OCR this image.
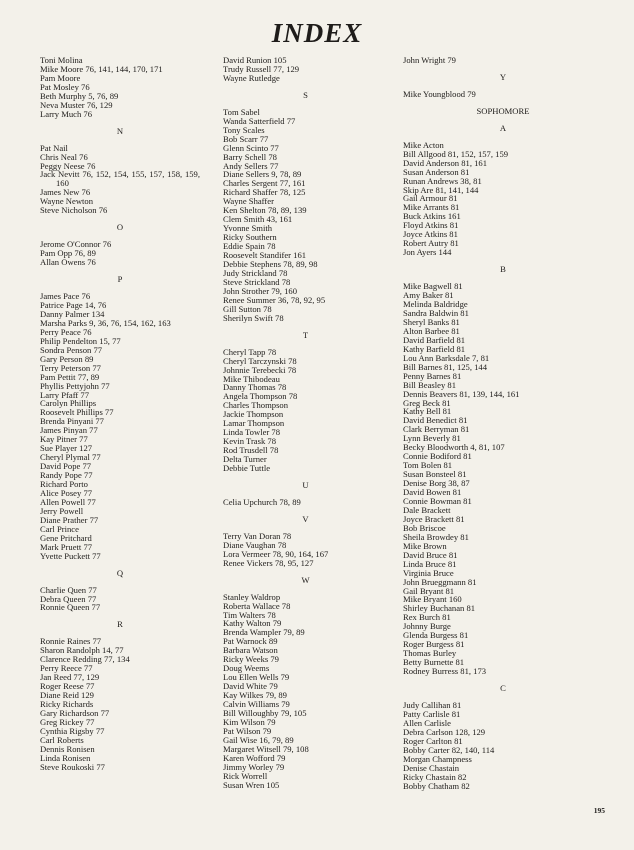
INDEX
Toni Molina
Mike Moore 76, 141, 144, 170, 171
Pam Moore
Pat Mosley 76
Beth Murphy 5, 76, 89
Neva Muster 76, 129
Larry Much 76
N
Pat Nail
Chris Neal 76
Peggy Neese 76
Jack Nevitt 76, 152, 154, 155, 157, 158, 159, 160
James New 76
Wayne Newton
Steve Nicholson 76
O
Jerome O'Connor 76
Pam Opp 76, 89
Allan Owens 76
P
James Pace 76
Patrice Page 14, 76
Danny Palmer 134
Marsha Parks 9, 36, 76, 154, 162, 163
Perry Peace 76
Philip Pendelton 15, 77
Sondra Penson 77
Gary Person 89
Terry Peterson 77
Pam Pettit 77, 89
Phyllis Pettyjohn 77
Larry Pfaff 77
Carolyn Phillips
Roosevelt Phillips 77
Brenda Pinyani 77
James Pinyan 77
Kay Pitner 77
Sue Player 127
Cheryl Plymal 77
David Pope 77
Randy Pope 77
Richard Porto
Alice Posey 77
Allen Powell 77
Jerry Powell
Diane Prather 77
Carl Prince
Gene Pritchard
Mark Pruett 77
Yvette Puckett 77
Q
Charlie Quen 77
Debra Queen 77
Ronnie Queen 77
R
Ronnie Raines 77
Sharon Randolph 14, 77
Clarence Redding 77, 134
Perry Reece 77
Jan Reed 77, 129
Roger Reese 77
Diane Reid 129
Ricky Richards
Gary Richardson 77
Greg Rickey 77
Cynthia Rigsby 77
Carl Roberts
Dennis Ronisen
Linda Ronisen
Steve Roukoski 77
David Runion 105
Trudy Russell 77, 129
Wayne Rutledge
S
Tom Sabel
Wanda Satterfield 77
Tony Scales
Bob Scarr 77
Glenn Scinto 77
Barry Schell 78
Andy Sellers 77
Diane Sellers 9, 78, 89
Charles Sergent 77, 161
Richard Shaffer 78, 125
Wayne Shaffer
Ken Shelton 78, 89, 139
Clem Smith 43, 161
Yvonne Smith
Ricky Southern
Eddie Spain 78
Roosevelt Standifer 161
Debbie Stephens 78, 89, 98
Judy Strickland 78
Steve Strickland 78
John Strother 79, 160
Renee Summer 36, 78, 92, 95
Gill Sutton 78
Sherilyn Swift 78
T
Cheryl Tapp 78
Cheryl Tarczynski 78
Johnnie Terebecki 78
Mike Thibodeau
Danny Thomas 78
Angela Thompson 78
Charles Thompson
Jackie Thompson
Lamar Thompson
Linda Towler 78
Kevin Trask 78
Rod Trusdell 78
Delta Turner
Debbie Tuttle
U
Celia Upchurch 78, 89
V
Terry Van Doran 78
Diane Vaughan 78
Lora Vermeer 78, 90, 164, 167
Renee Vickers 78, 95, 127
W
Stanley Waldrop
Roberta Wallace 78
Tim Walters 78
Kathy Walton 79
Brenda Wampler 79, 89
Pat Warnock 89
Barbara Watson
Ricky Weeks 79
Doug Weems
Lou Ellen Wells 79
David White 79
Kay Wilkes 79, 89
Calvin Williams 79
Bill Willoughby 79, 105
Kim Wilson 79
Pat Wilson 79
Gail Wise 16, 79, 89
Margaret Witsell 79, 108
Karen Wofford 79
Jimmy Worley 79
Rick Worrell
Susan Wren 105
John Wright 79
Y
Mike Youngblood 79
SOPHOMORE
A
Mike Acton
Bill Allgood 81, 152, 157, 159
David Anderson 81, 161
Susan Anderson 81
Runan Andrews 38, 81
Skip Are 81, 141, 144
Gail Armour 81
Mike Arrants 81
Buck Atkins 161
Floyd Atkins 81
Joyce Atkins 81
Robert Autry 81
Jon Ayers 144
B
Mike Bagwell 81
Amy Baker 81
Melinda Baldridge
Sandra Baldwin 81
Sheryl Banks 81
Alton Barbee 81
David Barfield 81
Kathy Barfield 81
Lou Ann Barksdale 7, 81
Bill Barnes 81, 125, 144
Penny Barnes 81
Bill Beasley 81
Dennis Beavers 81, 139, 144, 161
Greg Beck 81
Kathy Bell 81
David Benedict 81
Clark Berryman 81
Lynn Beverly 81
Becky Bloodworth 4, 81, 107
Connie Bodiford 81
Tom Bolen 81
Susan Bonsteel 81
Denise Borg 38, 87
David Bowen 81
Connie Bowman 81
Dale Brackett
Joyce Brackett 81
Bob Briscoe
Sheila Browdey 81
Mike Brown
David Bruce 81
Linda Bruce 81
Virginia Bruce
John Brueggmann 81
Gail Bryant 81
Mike Bryant 160
Shirley Buchanan 81
Rex Burch 81
Johnny Burge
Glenda Burgess 81
Roger Burgess 81
Thomas Burley
Betty Burnette 81
Rodney Burress 81, 173
C
Judy Callihan 81
Patty Carlisle 81
Allen Carlisle
Debra Carlson 128, 129
Roger Carlton 81
Bobby Carter 82, 140, 114
Morgan Champness
Denise Chastain
Ricky Chastain 82
Bobby Chatham 82
195
